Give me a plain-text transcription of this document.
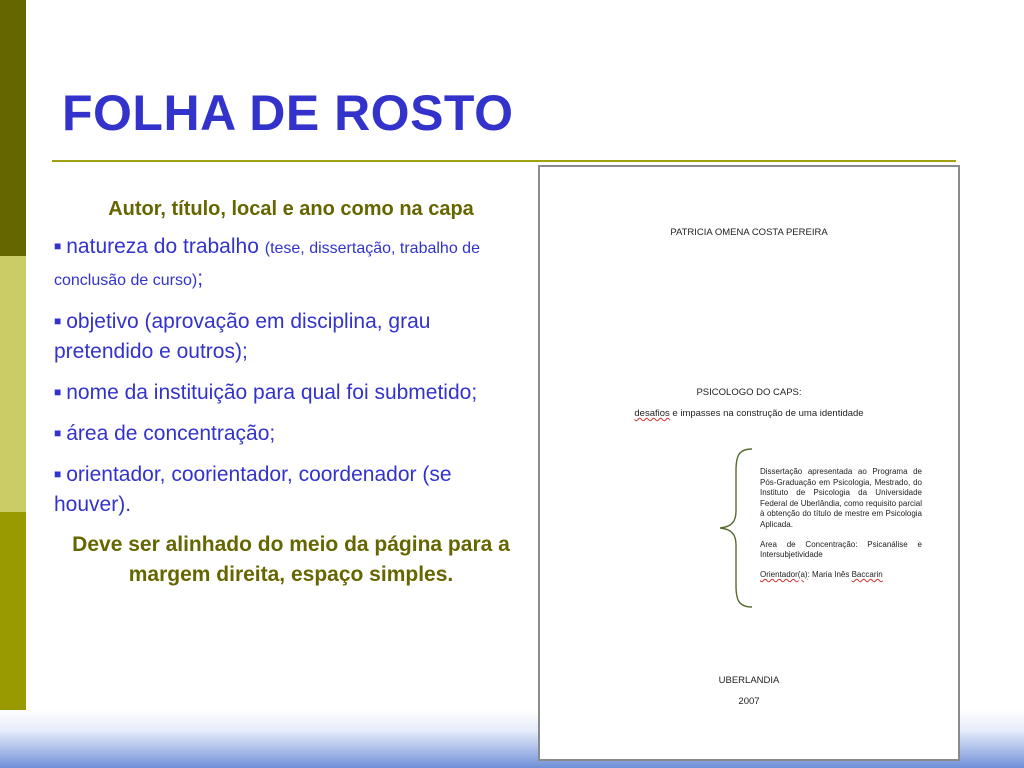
FOLHA DE ROSTO

Autor, título, local e ano como na capa

■ natureza do trabalho (tese, dissertação, trabalho de conclusão de curso);

■ objetivo (aprovação em disciplina, grau pretendido e outros);

■ nome da instituição para qual foi submetido;

■ área de concentração;

■ orientador, coorientador, coordenador (se houver).

Deve ser alinhado do meio da página para a margem direita, espaço simples.

PATRICIA OMENA COSTA PEREIRA
PSICOLOGO DO CAPS:
desafios e impasses na construção de uma identidade

Dissertação apresentada ao Programa de Pós-Graduação em Psicologia, Mestrado, do Instituto de Psicologia da Universidade Federal de Uberlândia, como requisito parcial à obtenção do título de mestre em Psicologia Aplicada.

Area de Concentração: Psicanálise e Intersubjetividade

Orientador(a): Maria Inês Baccarin

UBERLANDIA
2007
